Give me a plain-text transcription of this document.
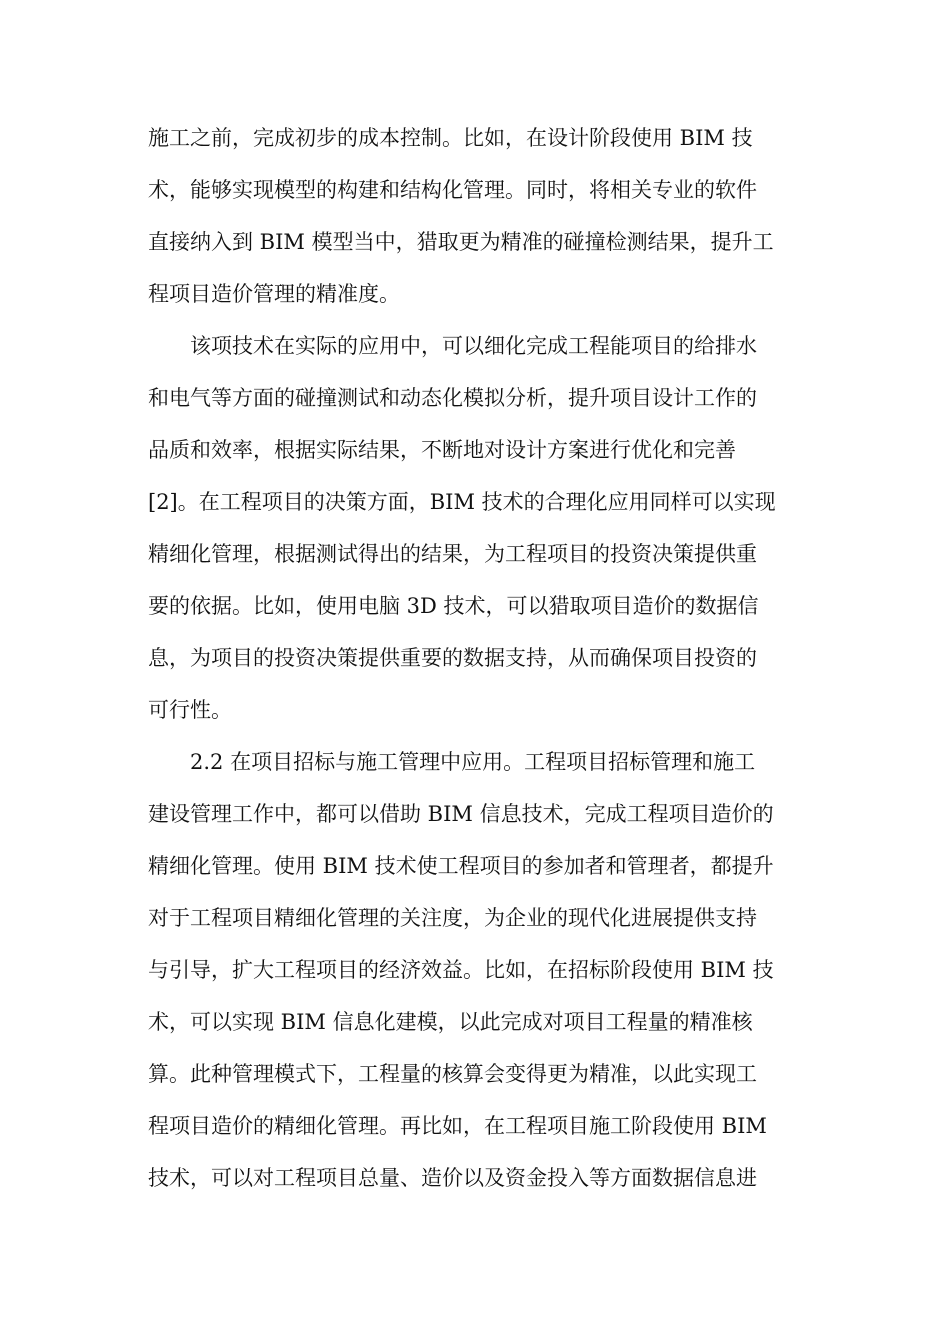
施工之前，完成初步的成本控制。比如，在设计阶段使用 BIM 技
术，能够实现模型的构建和结构化管理。同时，将相关专业的软件
直接纳入到 BIM 模型当中，猎取更为精准的碰撞检测结果，提升工
程项目造价管理的精准度。
该项技术在实际的应用中，可以细化完成工程能项目的给排水
和电气等方面的碰撞测试和动态化模拟分析，提升项目设计工作的
品质和效率，根据实际结果，不断地对设计方案进行优化和完善
[2]。在工程项目的决策方面，BIM 技术的合理化应用同样可以实现
精细化管理，根据测试得出的结果，为工程项目的投资决策提供重
要的依据。比如，使用电脑 3D 技术，可以猎取项目造价的数据信
息，为项目的投资决策提供重要的数据支持，从而确保项目投资的
可行性。
2.2 在项目招标与施工管理中应用。工程项目招标管理和施工
建设管理工作中，都可以借助 BIM 信息技术，完成工程项目造价的
精细化管理。使用 BIM 技术使工程项目的参加者和管理者，都提升
对于工程项目精细化管理的关注度，为企业的现代化进展提供支持
与引导，扩大工程项目的经济效益。比如，在招标阶段使用 BIM 技
术，可以实现 BIM 信息化建模，以此完成对项目工程量的精准核
算。此种管理模式下，工程量的核算会变得更为精准，以此实现工
程项目造价的精细化管理。再比如，在工程项目施工阶段使用 BIM
技术，可以对工程项目总量、造价以及资金投入等方面数据信息进
